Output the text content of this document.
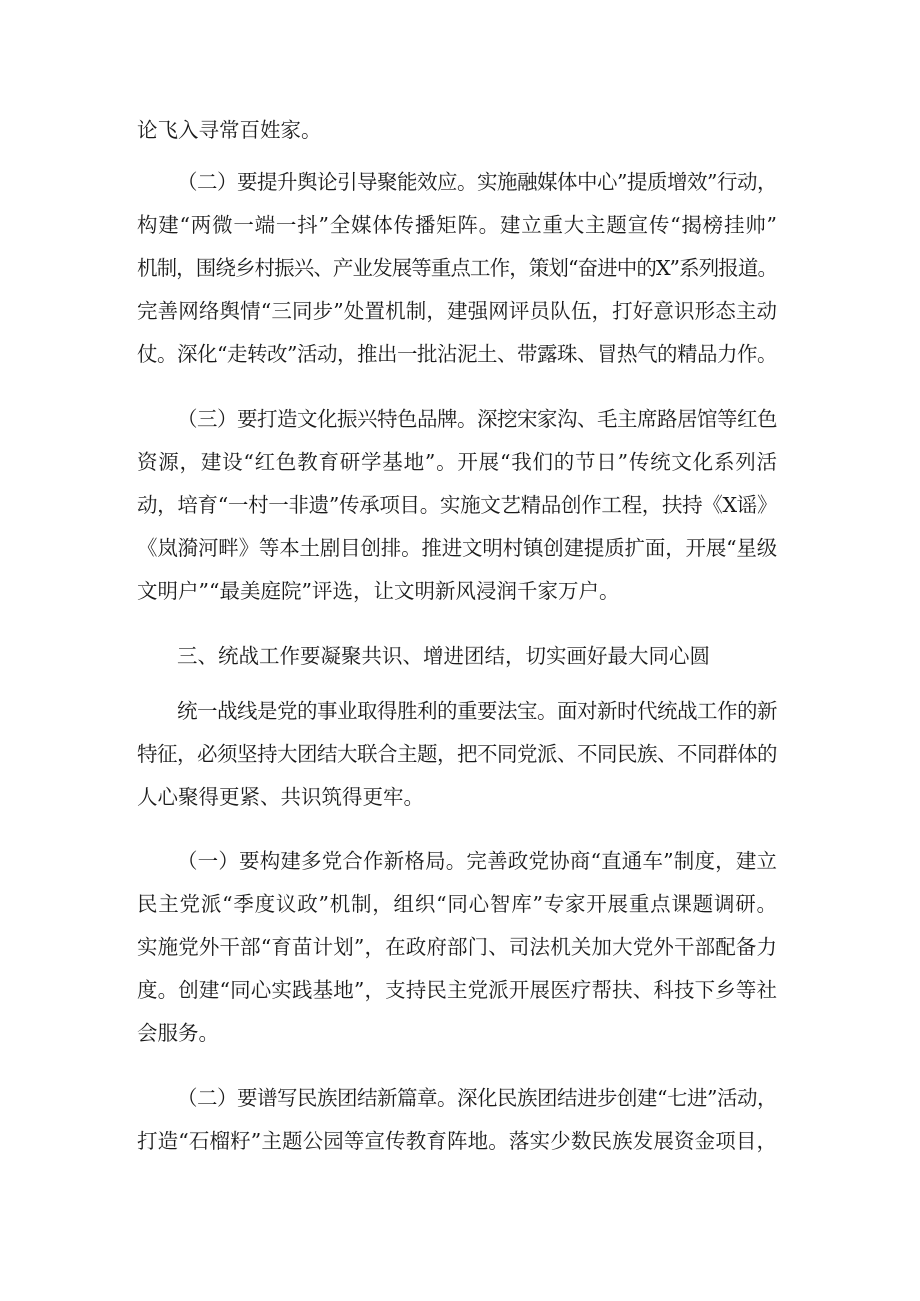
论飞入寻常百姓家。
（二）要提升舆论引导聚能效应。实施融媒体中心”提质增效”行动，
构建“两微一端一抖”全媒体传播矩阵。建立重大主题宣传“揭榜挂帅”
机制，围绕乡村振兴、产业发展等重点工作，策划“奋进中的X”系列报道。
完善网络舆情“三同步”处置机制，建强网评员队伍，打好意识形态主动
仗。深化“走转改”活动，推出一批沾泥土、带露珠、冒热气的精品力作。
（三）要打造文化振兴特色品牌。深挖宋家沟、毛主席路居馆等红色
资源，建设“红色教育研学基地”。开展“我们的节日”传统文化系列活
动，培育“一村一非遗”传承项目。实施文艺精品创作工程，扶持《X谣》
《岚漪河畔》等本土剧目创排。推进文明村镇创建提质扩面，开展“星级
文明户”“最美庭院”评选，让文明新风浸润千家万户。
三、统战工作要凝聚共识、增进团结，切实画好最大同心圆
统一战线是党的事业取得胜利的重要法宝。面对新时代统战工作的新
特征，必须坚持大团结大联合主题，把不同党派、不同民族、不同群体的
人心聚得更紧、共识筑得更牢。
（一）要构建多党合作新格局。完善政党协商“直通车”制度，建立
民主党派“季度议政”机制，组织“同心智库”专家开展重点课题调研。
实施党外干部“育苗计划”，在政府部门、司法机关加大党外干部配备力
度。创建“同心实践基地”，支持民主党派开展医疗帮扶、科技下乡等社
会服务。
（二）要谱写民族团结新篇章。深化民族团结进步创建“七进”活动，
打造“石榴籽”主题公园等宣传教育阵地。落实少数民族发展资金项目，
